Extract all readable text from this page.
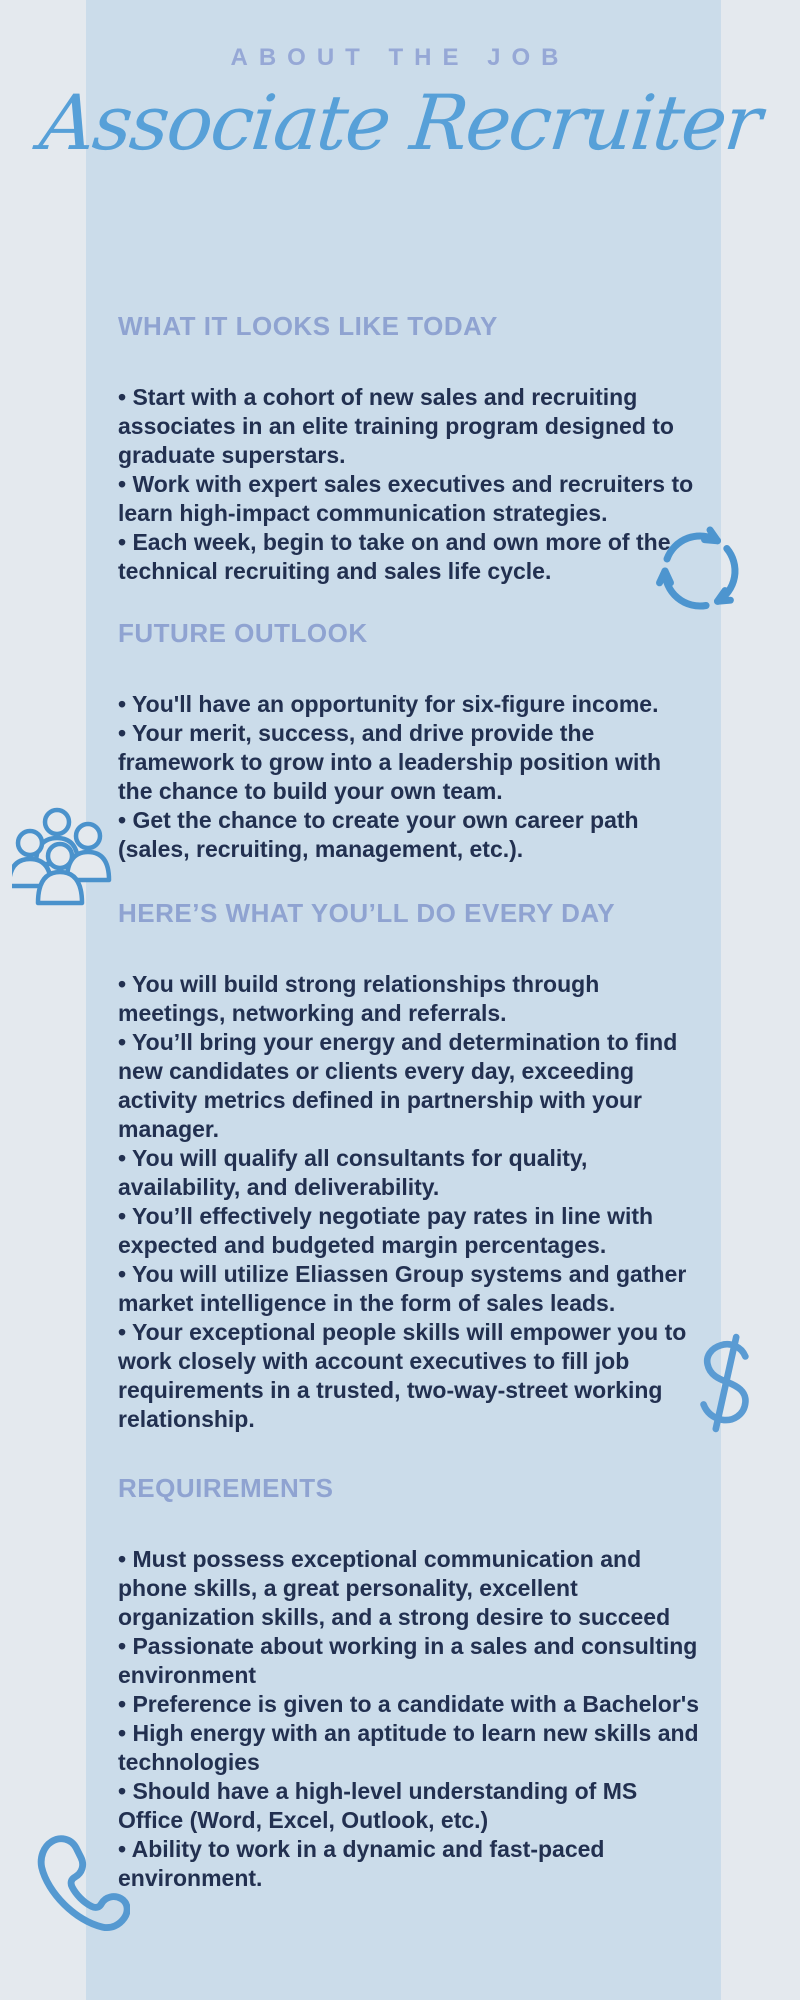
ABOUT THE JOB
Associate Recruiter
WHAT IT LOOKS LIKE TODAY

• Start with a cohort of new sales and recruiting associates in an elite training program designed to graduate superstars.

• Work with expert sales executives and recruiters to learn high-impact communication strategies.

• Each week, begin to take on and own more of the technical recruiting and sales life cycle.

FUTURE OUTLOOK

• You'll have an opportunity for six-figure income.

• Your merit, success, and drive provide the framework to grow into a leadership position with the chance to build your own team.

• Get the chance to create your own career path (sales, recruiting, management, etc.).

HERE’S WHAT YOU’LL DO EVERY DAY

• You will build strong relationships through meetings, networking and referrals.

• You’ll bring your energy and determination to find new candidates or clients every day, exceeding activity metrics defined in partnership with your manager.

• You will qualify all consultants for quality, availability, and deliverability.

• You’ll effectively negotiate pay rates in line with expected and budgeted margin percentages.

• You will utilize Eliassen Group systems and gather market intelligence in the form of sales leads.

• Your exceptional people skills will empower you to work closely with account executives to fill job requirements in a trusted, two-way-street working relationship.

REQUIREMENTS

• Must possess exceptional communication and phone skills, a great personality, excellent organization skills, and a strong desire to succeed

• Passionate about working in a sales and consulting environment

• Preference is given to a candidate with a Bachelor's

• High energy with an aptitude to learn new skills and technologies

• Should have a high-level understanding of MS Office (Word, Excel, Outlook, etc.)

• Ability to work in a dynamic and fast-paced environment.
